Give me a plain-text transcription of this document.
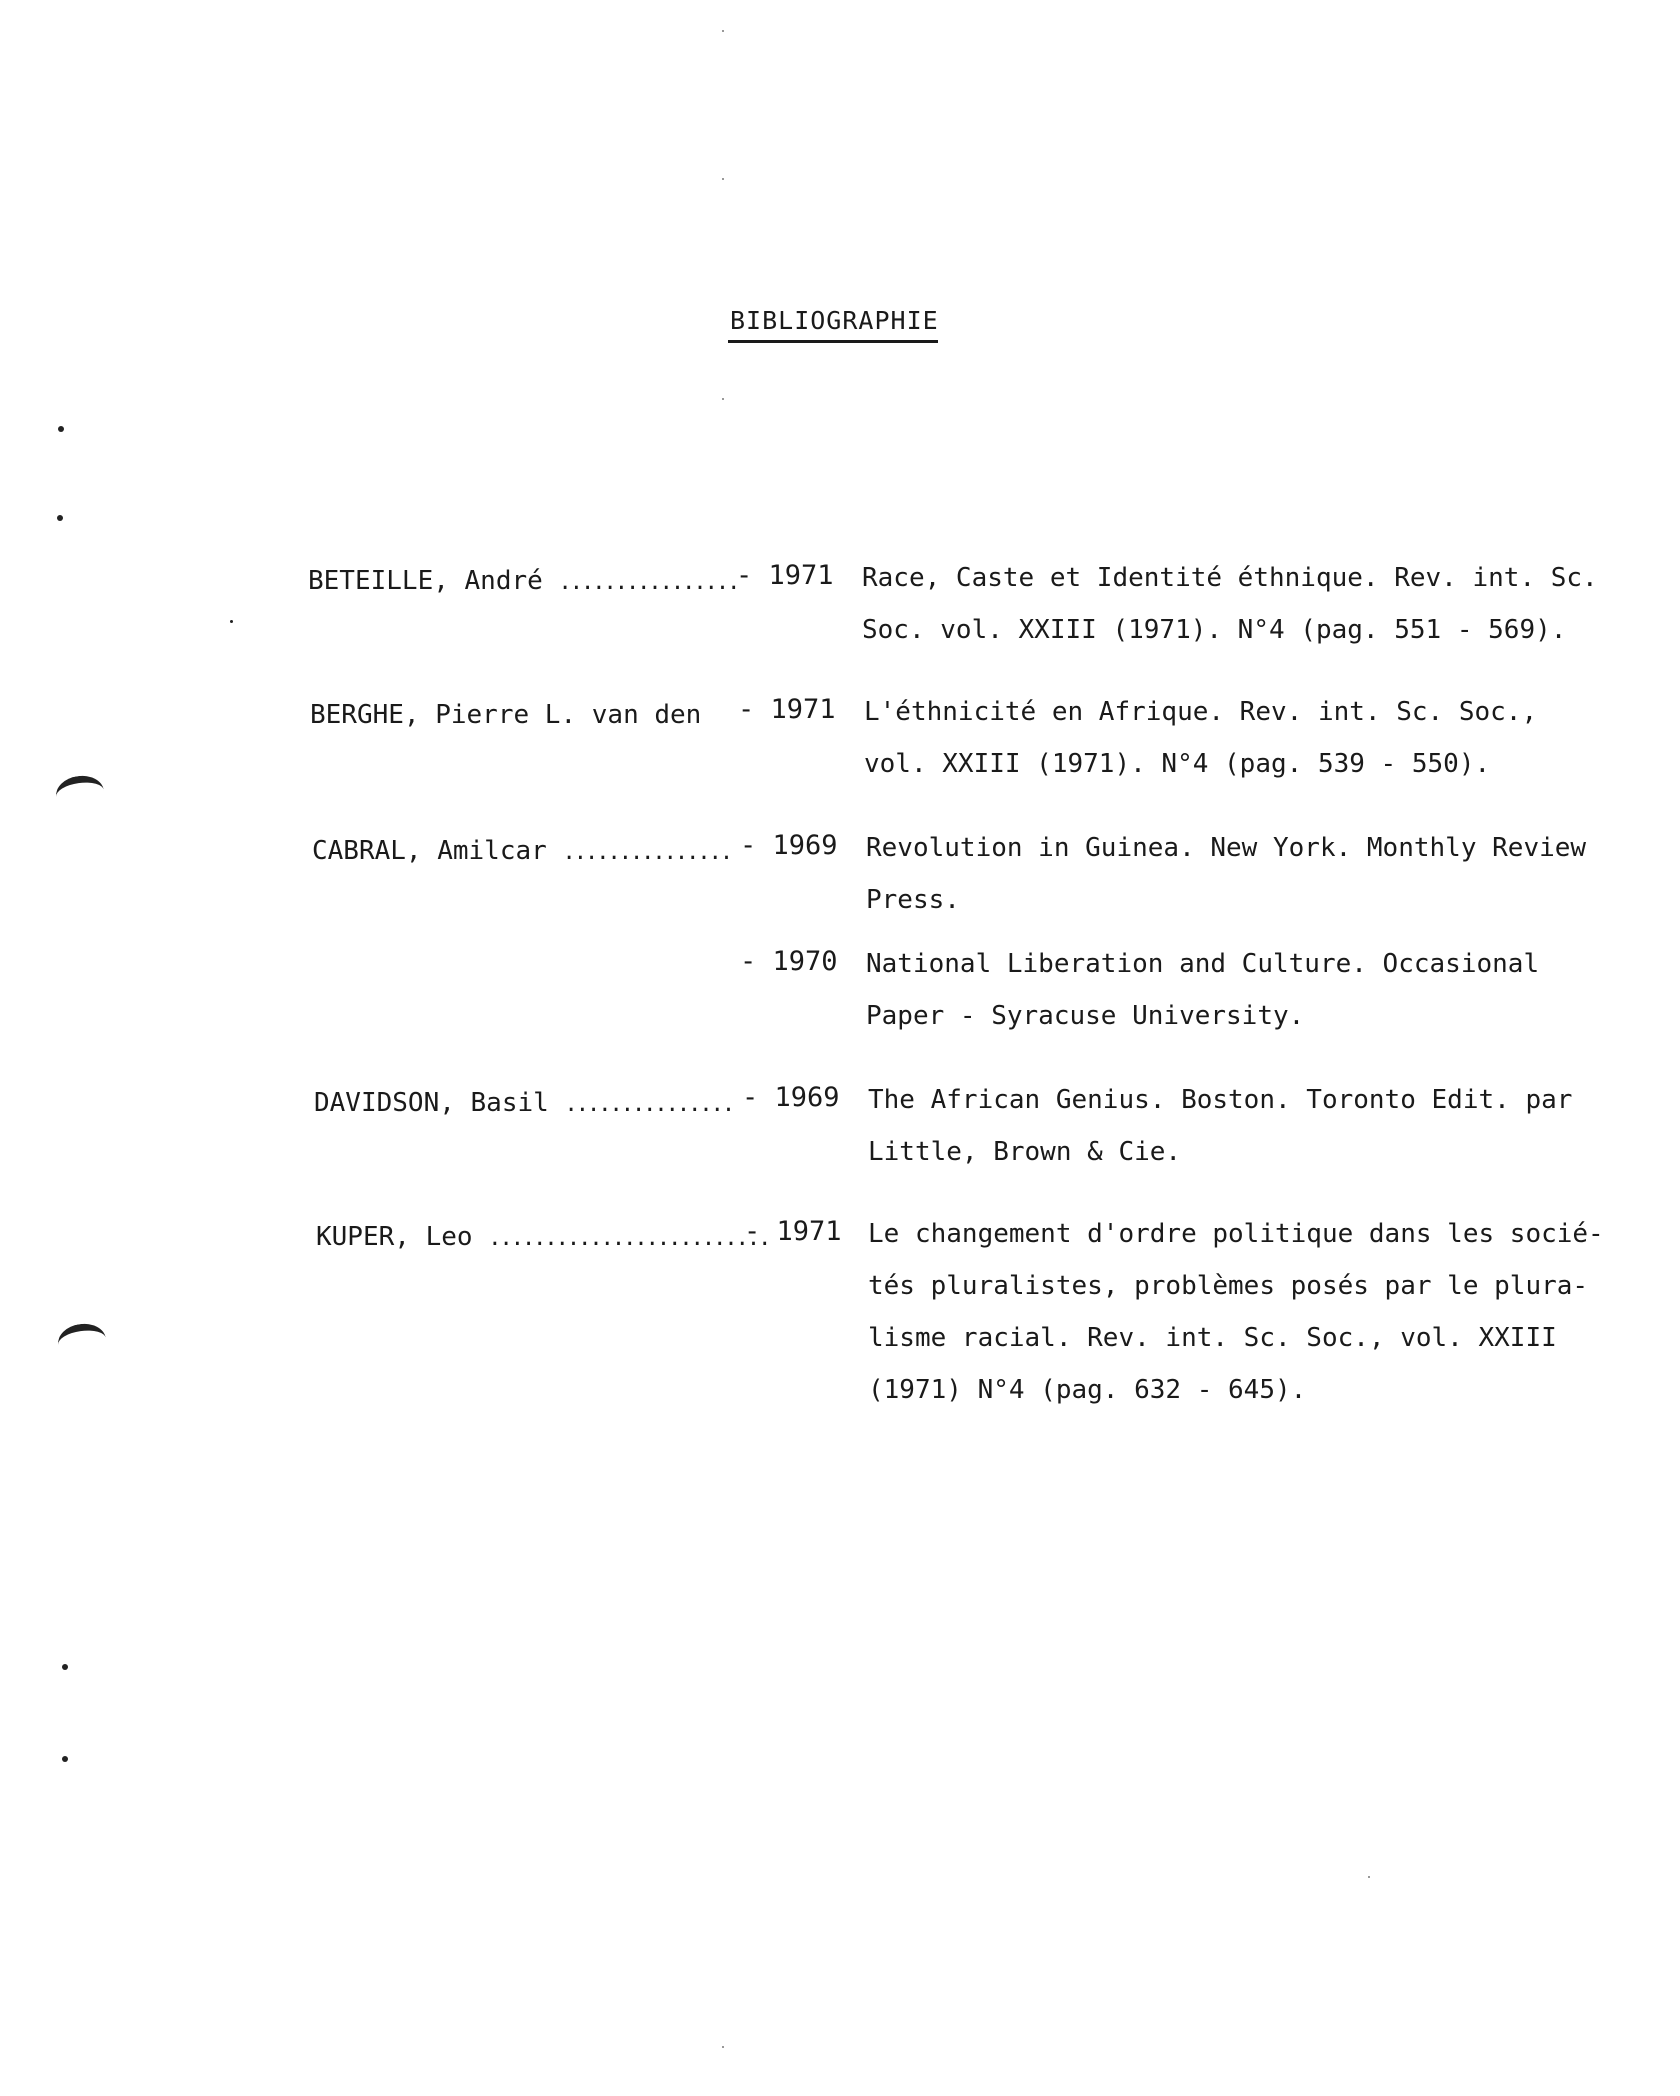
BIBLIOGRAPHIE
BETEILLE, André ................
- 1971 Race, Caste et Identité éthnique. Rev. int. Sc.
Soc. vol. XXIII (1971). N°4 (pag. 551 - 569).
BERGHE, Pierre L. van den - 1971 L'éthnicité en Afrique. Rev. int. Sc. Soc.,
vol. XXIII (1971). N°4 (pag. 539 - 550).
CABRAL, Amilcar ............... - 1969 Revolution in Guinea. New York. Monthly Review
Press.
- 1970 National Liberation and Culture. Occasional
Paper - Syracuse University.
DAVIDSON, Basil ............... - 1969 The African Genius. Boston. Toronto Edit. par
Little, Brown & Cie.
KUPER, Leo .........................
- 1971 Le changement d'ordre politique dans les socié-
tés pluralistes, problèmes posés par le plura-
lisme racial. Rev. int. Sc. Soc., vol. XXIII
(1971) N°4 (pag. 632 - 645).
